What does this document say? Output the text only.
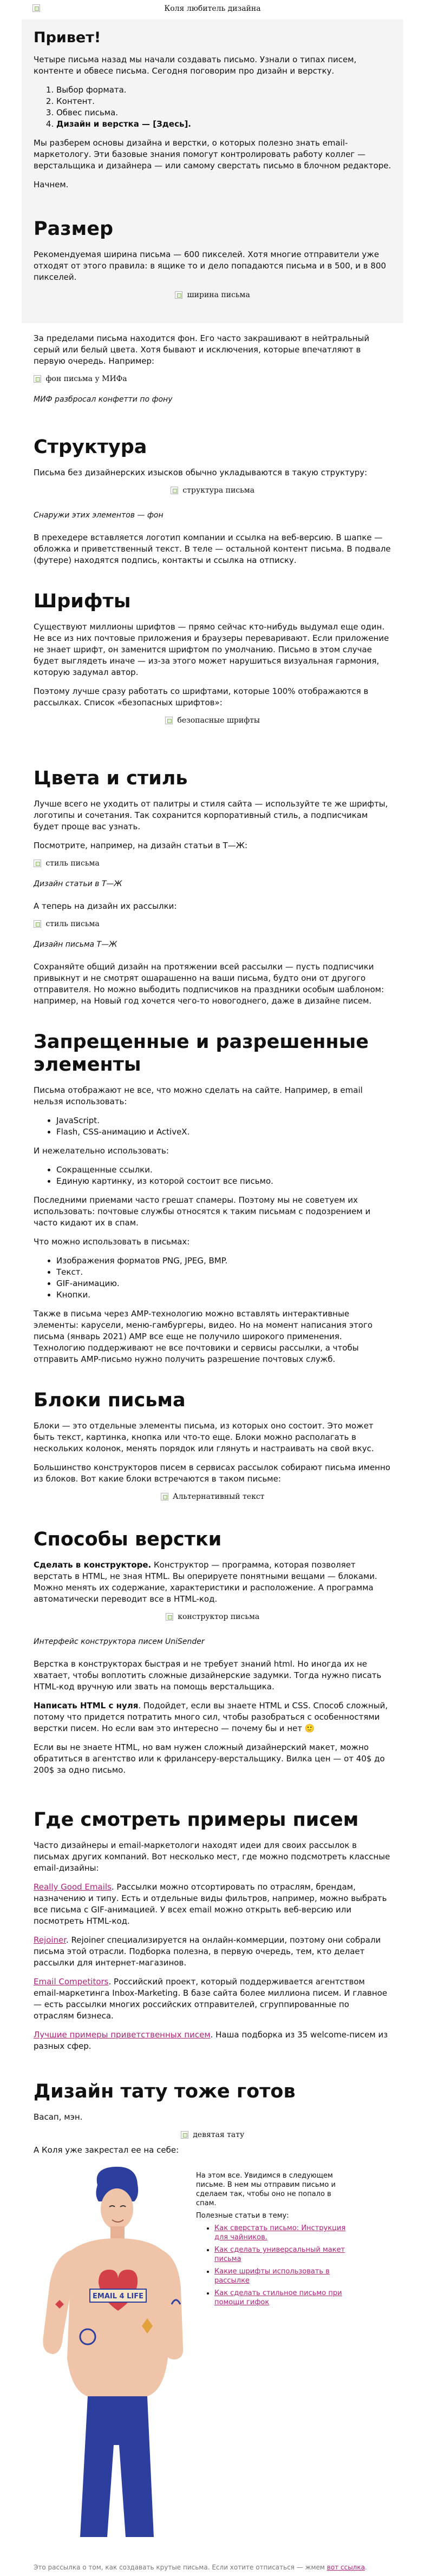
Коля любитель дизайна
Привет!

Четыре письма назад мы начали создавать письмо. Узнали о типах писем, контенте и обвесе письма. Сегодня поговорим про дизайн и верстку.

1. Выбор формата.
2. Контент.
3. Обвес письма.
4. Дизайн и верстка — [Здесь].

Мы разберем основы дизайна и верстки, о которых полезно знать email-маркетологу. Эти базовые знания помогут контролировать работу коллег — верстальщика и дизайнера — или самому сверстать письмо в блочном редакторе.

Начнем.

Размер

Рекомендуемая ширина письма — 600 пикселей. Хотя многие отправители уже отходят от этого правила: в ящике то и дело попадаются письма и в 500, и в 800 пикселей.

ширина письма

За пределами письма находится фон. Его часто закрашивают в нейтральный серый или белый цвета. Хотя бывают и исключения, которые впечатляют в первую очередь. Например:

фон письма у МИФа

МИФ разбросал конфетти по фону

Структура

Письма без дизайнерских изысков обычно укладываются в такую структуру:

структура письма

Снаружи этих элементов — фон

В прехедере вставляется логотип компании и ссылка на веб-версию. В шапке — обложка и приветственный текст. В теле — остальной контент письма. В подвале (футере) находятся подпись, контакты и ссылка на отписку.

Шрифты

Существуют миллионы шрифтов — прямо сейчас кто-нибудь выдумал еще один. Не все из них почтовые приложения и браузеры переваривают. Если приложение не знает шрифт, он заменится шрифтом по умолчанию. Письмо в этом случае будет выглядеть иначе — из-за этого может нарушиться визуальная гармония, которую задумал автор.

Поэтому лучше сразу работать со шрифтами, которые 100% отображаются в рассылках. Список «безопасных шрифтов»:

безопасные шрифты
Цвета и стиль

Лучше всего не уходить от палитры и стиля сайта — используйте те же шрифты, логотипы и сочетания. Так сохранится корпоративный стиль, а подписчикам будет проще вас узнать.

Посмотрите, например, на дизайн статьи в Т—Ж:

стиль письма

Дизайн статьи в Т—Ж

А теперь на дизайн их рассылки:

стиль письма

Дизайн письма Т—Ж

Сохраняйте общий дизайн на протяжении всей рассылки — пусть подписчики привыкнут и не смотрят ошарашенно на ваши письма, будто они от другого отправителя. Но можно выбодить подписчиков на праздники особым шаблоном: например, на Новый год хочется чего-то новогоднего, даже в дизайне писем.

Запрещенные и разрешенные элементы

Письма отображают не все, что можно сделать на сайте. Например, в email нельзя использовать:

• JavaScript.
• Flash, CSS-анимацию и ActiveX.

И нежелательно использовать:

• Сокращенные ссылки.
• Единую картинку, из которой состоит все письмо.

Последними приемами часто грешат спамеры. Поэтому мы не советуем их использовать: почтовые службы относятся к таким письмам с подозрением и часто кидают их в спам.

Что можно использовать в письмах:

• Изображения форматов PNG, JPEG, BMP.
• Текст.
• GIF-анимацию.
• Кнопки.

Также в письма через AMP-технологию можно вставлять интерактивные элементы: карусели, меню-гамбургеры, видео. Но на момент написания этого письма (январь 2021) AMP все еще не получило широкого применения. Технологию поддерживают не все почтовики и сервисы рассылки, а чтобы отправить AMP-письмо нужно получить разрешение почтовых служб.

Блоки письма

Блоки — это отдельные элементы письма, из которых оно состоит. Это может быть текст, картинка, кнопка или что-то еще. Блоки можно располагать в нескольких колонок, менять порядок или глянуть и настраивать на свой вкус.

Большинство конструкторов писем в сервисах рассылок собирают письма именно из блоков. Вот какие блоки встречаются в таком письме:

Альтернативный текст
Способы верстки

Сделать в конструкторе. Конструктор — программа, которая позволяет верстать в HTML, не зная HTML. Вы оперируете понятными вещами — блоками. Можно менять их содержание, характеристики и расположение. А программа автоматически переводит все в HTML-код.

конструктор письма

Интерфейс конструктора писем UniSender

Верстка в конструкторах быстрая и не требует знаний html. Но иногда их не хватает, чтобы воплотить сложные дизайнерские задумки. Тогда нужно писать HTML-код вручную или звать на помощь верстальщика.

Написать HTML с нуля. Подойдет, если вы знаете HTML и CSS. Способ сложный, потому что придется потратить много сил, чтобы разобраться с особенностями верстки писем. Но если вам это интересно — почему бы и нет 🙂

Если вы не знаете HTML, но вам нужен сложный дизайнерский макет, можно обратиться в агентство или к фрилансеру-верстальщику. Вилка цен — от 40$ до 200$ за одно письмо.

Где смотреть примеры писем

Часто дизайнеры и email-маркетологи находят идеи для своих рассылок в письмах других компаний. Вот несколько мест, где можно подсмотреть классные email-дизайны:

Really Good Emails. Рассылки можно отсортировать по отраслям, брендам, назначению и типу. Есть и отдельные виды фильтров, например, можно выбрать все письма с GIF-анимацией. У всех email можно открыть веб-версию или посмотреть HTML-код.

Rejoiner. Rejoiner специализируется на онлайн-коммерции, поэтому они собрали письма этой отрасли. Подборка полезна, в первую очередь, тем, кто делает рассылки для интернет-магазинов.

Email Competitors. Российский проект, который поддерживается агентством email-маркетинга Inbox-Marketing. В базе сайта более миллиона писем. И главное — есть рассылки многих российских отправителей, сгруппированные по отраслям бизнеса.

Лучшие примеры приветственных писем. Наша подборка из 35 welcome-писем из разных сфер.

Дизайн тату тоже готов

Васап, мэн.

девятая тату

А Коля уже закрестал ее на себе:

EMAIL 4 LIFE

На этом все. Увидимся в следующем письме. В нем мы отправим письмо и сделаем так, чтобы оно не попало в спам.

Полезные статьи в тему:

• Как сверстать письмо: Инструкция для чайников.
• Как сделать универсальный макет письма
• Какие шрифты использовать в рассылке
• Как сделать стильное письмо при помощи гифок
Это рассылка о том, как создавать крутые письма. Если хотите отписаться — жмем вот ссылка.
